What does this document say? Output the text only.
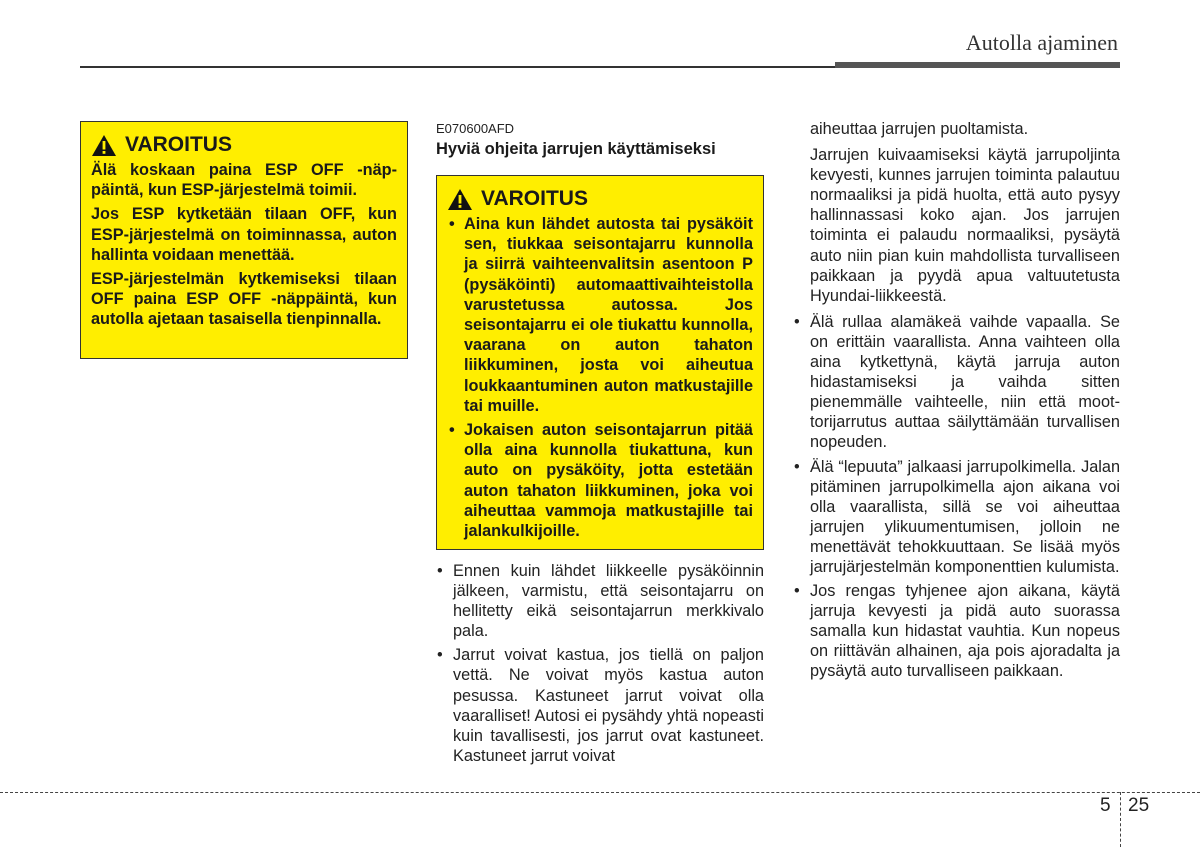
Autolla ajaminen
VAROITUS

Älä koskaan paina ESP OFF -näppäintä, kun ESP-järjestelmä toimii.

Jos ESP kytketään tilaan OFF, kun ESP-järjestelmä on toiminnassa, auton hallinta voidaan menettää.

ESP-järjestelmän kytkemiseksi tilaan OFF paina ESP OFF -näppäintä, kun autolla ajetaan tasaisella tienpinnalla.

E070600AFD
Hyviä ohjeita jarrujen käyttämiseksi
VAROITUS
• Aina kun lähdet autosta tai pysäköit sen, tiukkaa seisontajarru kunnolla ja siirrä vaihteenvalitsin asentoon P (pysäköinti) automaattivaihteistolla varustetussa autossa. Jos seisontajarru ei ole tiukattu kunnolla, vaarana on auton tahaton liikkuminen, josta voi aiheutua loukkaantuminen auton matkustajille tai muille.
• Jokaisen auton seisontajarrun pitää olla aina kunnolla tiukattuna, kun auto on pysäköity, jotta estetään auton tahaton liikkuminen, joka voi aiheuttaa vammoja matkustajille tai jalankulkijoille.
• Ennen kuin lähdet liikkeelle pysäköinnin jälkeen, varmistu, että seisontajarru on hellitetty eikä seisontajarrun merkkivalo pala.
• Jarrut voivat kastua, jos tiellä on paljon vettä. Ne voivat myös kastua auton pesussa. Kastuneet jarrut voivat olla vaaralliset! Autosi ei pysähdy yhtä nopeasti kuin tavallisesti, jos jarrut ovat kastuneet. Kastuneet jarrut voivat

aiheuttaa jarrujen puoltamista.

Jarrujen kuivaamiseksi käytä jarrupoljinta kevyesti, kunnes jarrujen toiminta palautuu normaaliksi ja pidä huolta, että auto pysyy hallinnassasi koko ajan. Jos jarrujen toiminta ei palaudu normaaliksi, pysäytä auto niin pian kuin mahdollista turvalliseen paikkaan ja pyydä apua valtuutetusta Hyundai-liikkeestä.

• Älä rullaa alamäkeä vaihde vapaalla. Se on erittäin vaarallista. Anna vaihteen olla aina kytkettynä, käytä jarruja auton hidastamiseksi ja vaihda sitten pienemmälle vaihteelle, niin että moottorijarrutus auttaa säilyttämään turvallisen nopeuden.
• Älä “lepuuta” jalkaasi jarrupolkimella. Jalan pitäminen jarrupolkimella ajon aikana voi olla vaarallista, sillä se voi aiheuttaa jarrujen ylikuumentumisen, jolloin ne menettävät tehokkuuttaan. Se lisää myös jarrujärjestelmän komponenttien kulumista.
• Jos rengas tyhjenee ajon aikana, käytä jarruja kevyesti ja pidä auto suorassa samalla kun hidastat vauhtia. Kun nopeus on riittävän alhainen, aja pois ajoradalta ja pysäytä auto turvalliseen paikkaan.
5 25
